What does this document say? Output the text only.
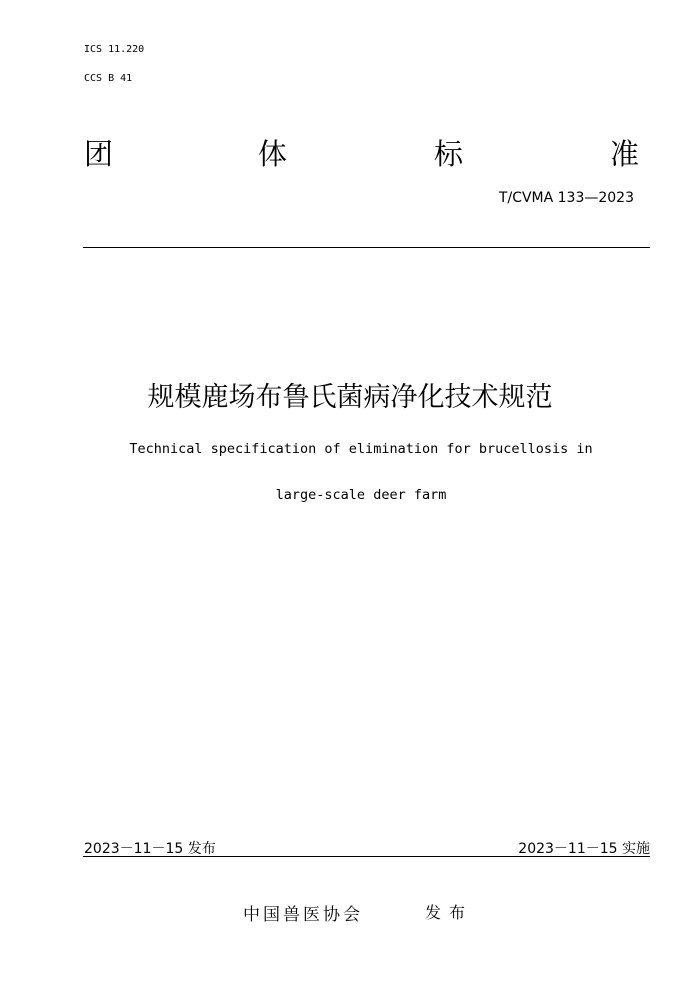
ICS 11.220
CCS B 41
团	体	标	准
T/CVMA 133—2023
规模鹿场布鲁氏菌病净化技术规范
Technical specification of elimination for brucellosis in
large-scale deer farm
2023－11－15 发布	2023－11－15 实施
中国兽医协会	发布
